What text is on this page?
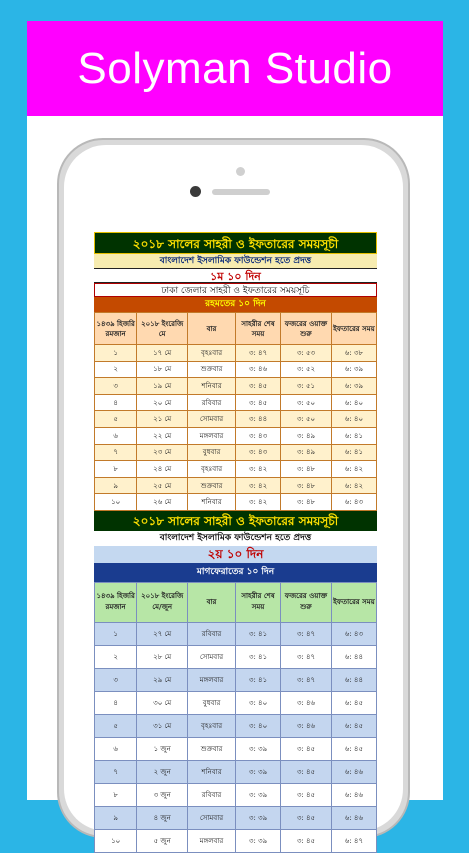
Solyman Studio
২০১৮ সালের সাহরী ও ইফতারের সময়সূচী
বাংলাদেশ ইসলামিক ফাউন্ডেশন হতে প্রদত্ত
১ম ১০ দিন
ঢাকা জেলার সাহরী ও ইফতারের সময়সূচি
রহমতের ১০ দিন
১৪৩৯ হিজরি রমজান	২০১৮ ইংরেজি মে	বার	সাহরীর শেষ সময়	ফজরের ওয়াক্ত শুরু	ইফতারের সময়
১	১৭ মে	বৃহঃবার	৩: ৪৭	৩: ৫৩	৬: ৩৮
২	১৮ মে	শুক্রবার	৩: ৪৬	৩: ৫২	৬: ৩৯
৩	১৯ মে	শনিবার	৩: ৪৫	৩: ৫১	৬: ৩৯
৪	২০ মে	রবিবার	৩: ৪৫	৩: ৫০	৬: ৪০
৫	২১ মে	সোমবার	৩: ৪৪	৩: ৫০	৬: ৪০
৬	২২ মে	মঙ্গলবার	৩: ৪৩	৩: ৪৯	৬: ৪১
৭	২৩ মে	বুধবার	৩: ৪৩	৩: ৪৯	৬: ৪১
৮	২৪ মে	বৃহঃবার	৩: ৪২	৩: ৪৮	৬: ৪২
৯	২৫ মে	শুক্রবার	৩: ৪২	৩: ৪৮	৬: ৪২
১০	২৬ মে	শনিবার	৩: ৪২	৩: ৪৮	৬: ৪৩
২০১৮ সালের সাহরী ও ইফতারের সময়সূচী
বাংলাদেশ ইসলামিক ফাউন্ডেশন হতে প্রদত্ত
২য় ১০ দিন
মাগফেরাতের ১০ দিন
১৪৩৯ হিজরি রমজান	২০১৮ ইংরেজি মে/জুন	বার	সাহরীর শেষ সময়	ফজরের ওয়াক্ত শুরু	ইফতারের সময়
১	২৭ মে	রবিবার	৩: ৪১	৩: ৪৭	৬: ৪৩
২	২৮ মে	সোমবার	৩: ৪১	৩: ৪৭	৬: ৪৪
৩	২৯ মে	মঙ্গলবার	৩: ৪১	৩: ৪৭	৬: ৪৪
৪	৩০ মে	বুধবার	৩: ৪০	৩: ৪৬	৬: ৪৫
৫	৩১ মে	বৃহঃবার	৩: ৪০	৩: ৪৬	৬: ৪৫
৬	১ জুন	শুক্রবার	৩: ৩৯	৩: ৪৫	৬: ৪৫
৭	২ জুন	শনিবার	৩: ৩৯	৩: ৪৫	৬: ৪৬
৮	৩ জুন	রবিবার	৩: ৩৯	৩: ৪৫	৬: ৪৬
৯	৪ জুন	সোমবার	৩: ৩৯	৩: ৪৫	৬: ৪৬
১০	৫ জুন	মঙ্গলবার	৩: ৩৯	৩: ৪৫	৬: ৪৭
